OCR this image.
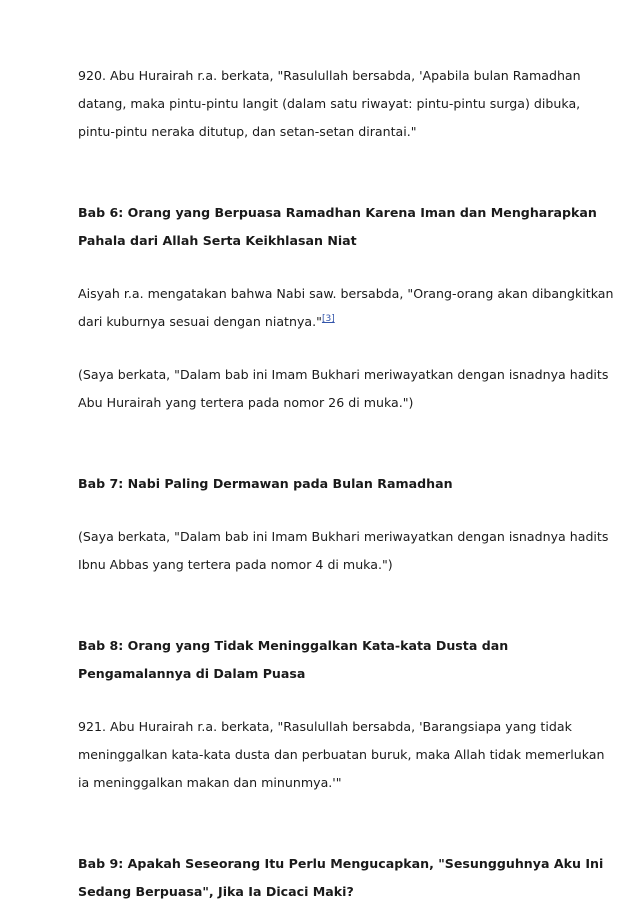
920. Abu Hurairah r.a. berkata, "Rasulullah bersabda, 'Apabila bulan Ramadhan
datang, maka pintu-pintu langit (dalam satu riwayat: pintu-pintu surga) dibuka,
pintu-pintu neraka ditutup, dan setan-setan dirantai."

Bab 6: Orang yang Berpuasa Ramadhan Karena Iman dan Mengharapkan
Pahala dari Allah Serta Keikhlasan Niat

Aisyah r.a. mengatakan bahwa Nabi saw. bersabda, "Orang-orang akan dibangkitkan
dari kuburnya sesuai dengan niatnya."[3]

(Saya berkata, "Dalam bab ini Imam Bukhari meriwayatkan dengan isnadnya hadits
Abu Hurairah yang tertera pada nomor 26 di muka.")

Bab 7: Nabi Paling Dermawan pada Bulan Ramadhan

(Saya berkata, "Dalam bab ini Imam Bukhari meriwayatkan dengan isnadnya hadits
Ibnu Abbas yang tertera pada nomor 4 di muka.")

Bab 8: Orang yang Tidak Meninggalkan Kata-kata Dusta dan
Pengamalannya di Dalam Puasa

921. Abu Hurairah r.a. berkata, "Rasulullah bersabda, 'Barangsiapa yang tidak
meninggalkan kata-kata dusta dan perbuatan buruk, maka Allah tidak memerlukan
ia meninggalkan makan dan minunmya.'"

Bab 9: Apakah Seseorang Itu Perlu Mengucapkan, "Sesungguhnya Aku Ini
Sedang Berpuasa", Jika Ia Dicaci Maki?
